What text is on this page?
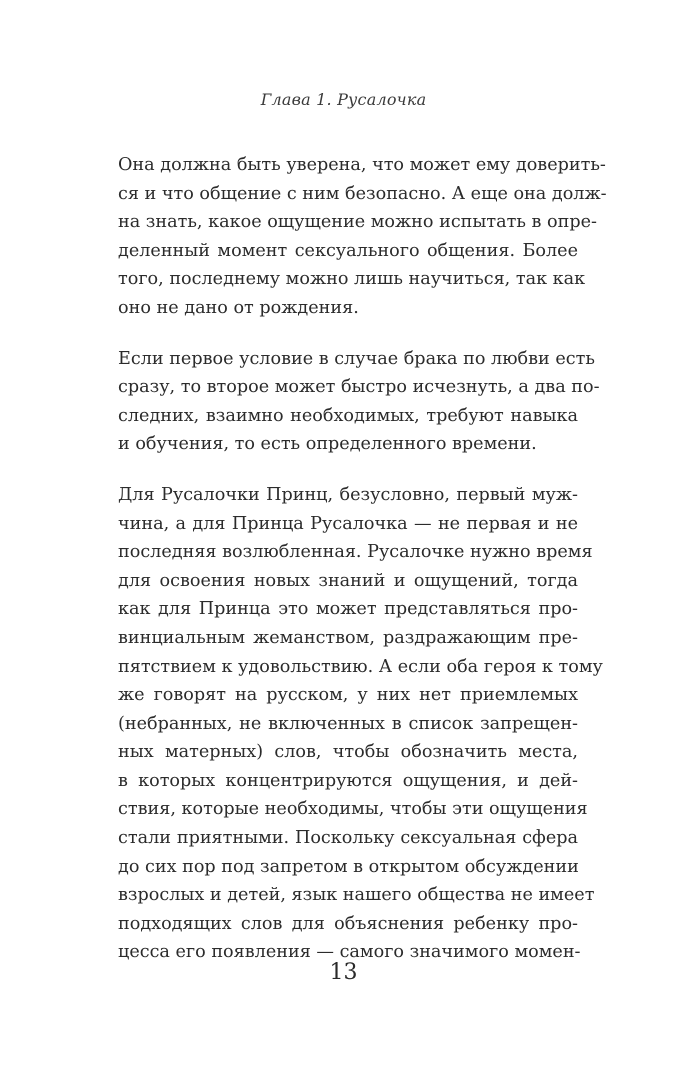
Глава 1. Русалочка
Она должна быть уверена, что может ему доверить-
ся и что общение с ним безопасно. А еще она долж-
на знать, какое ощущение можно испытать в опре-
деленный момент сексуального общения. Более
того, последнему можно лишь научиться, так как
оно не дано от рождения.
Если первое условие в случае брака по любви есть
сразу, то второе может быстро исчезнуть, а два по-
следних, взаимно необходимых, требуют навыка
и обучения, то есть определенного времени.
Для Русалочки Принц, безусловно, первый муж-
чина, а для Принца Русалочка — не первая и не
последняя возлюбленная. Русалочке нужно время
для освоения новых знаний и ощущений, тогда
как для Принца это может представляться про-
винциальным жеманством, раздражающим пре-
пятствием к удовольствию. А если оба героя к тому
же говорят на русском, у них нет приемлемых
(небранных, не включенных в список запрещен-
ных матерных) слов, чтобы обозначить места,
в которых концентрируются ощущения, и дей-
ствия, которые необходимы, чтобы эти ощущения
стали приятными. Поскольку сексуальная сфера
до сих пор под запретом в открытом обсуждении
взрослых и детей, язык нашего общества не имеет
подходящих слов для объяснения ребенку про-
цесса его появления — самого значимого момен-
13
